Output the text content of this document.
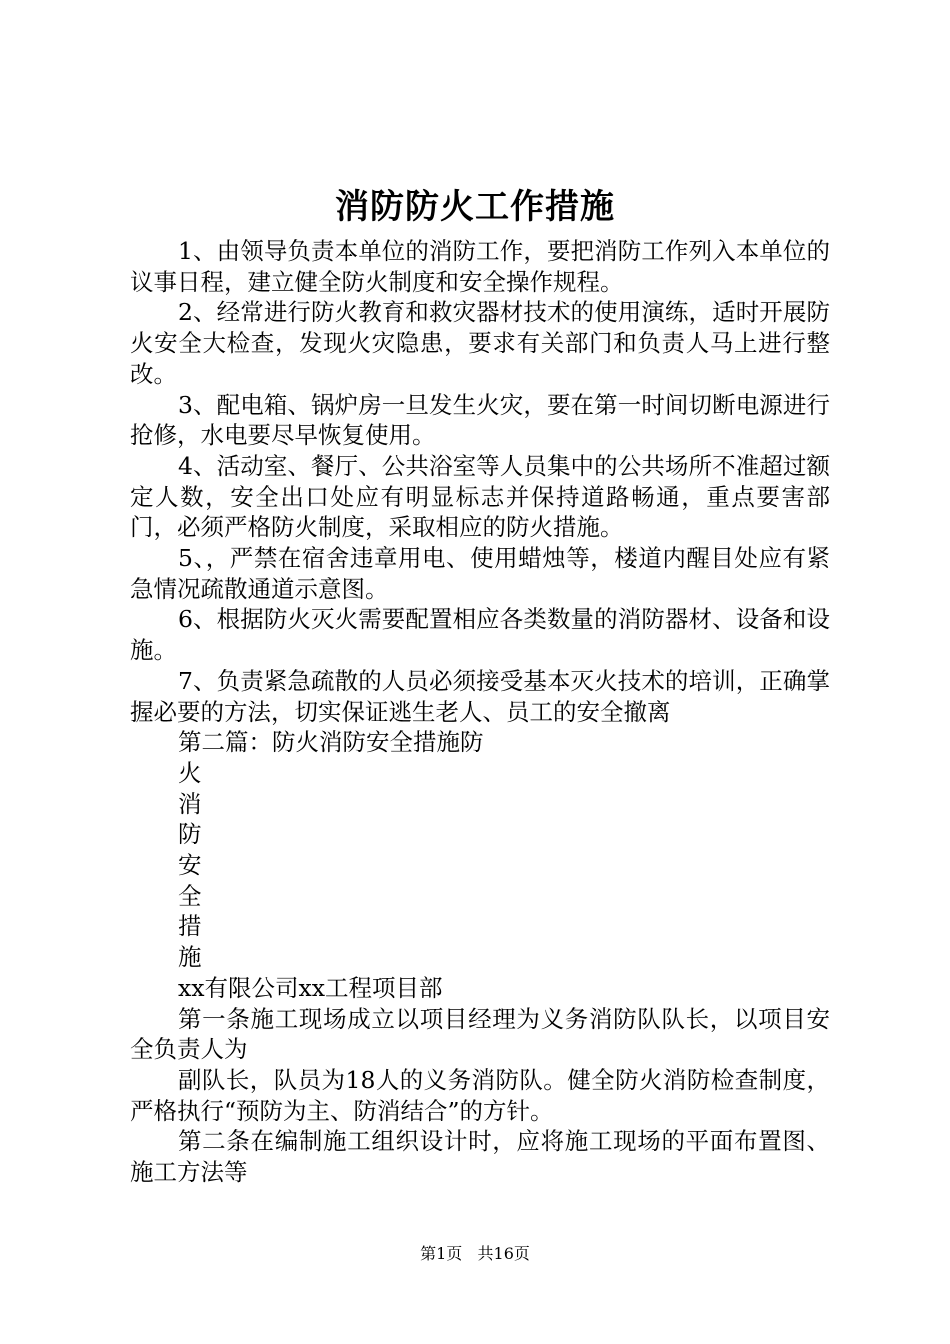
消防防火工作措施

1、由领导负责本单位的消防工作，要把消防工作列入本单位的议事日程，建立健全防火制度和安全操作规程。

2、经常进行防火教育和救灾器材技术的使用演练，适时开展防火安全大检查，发现火灾隐患，要求有关部门和负责人马上进行整改。

3、配电箱、锅炉房一旦发生火灾，要在第一时间切断电源进行抢修，水电要尽早恢复使用。

4、活动室、餐厅、公共浴室等人员集中的公共场所不准超过额定人数，安全出口处应有明显标志并保持道路畅通，重点要害部门，必须严格防火制度，采取相应的防火措施。

5、，严禁在宿舍违章用电、使用蜡烛等，楼道内醒目处应有紧急情况疏散通道示意图。

6、根据防火灭火需要配置相应各类数量的消防器材、设备和设施。

7、负责紧急疏散的人员必须接受基本灭火技术的培训，正确掌握必要的方法，切实保证逃生老人、员工的安全撤离

第二篇：防火消防安全措施防

火

消

防

安

全

措

施

xx有限公司xx工程项目部

第一条施工现场成立以项目经理为义务消防队队长，以项目安全负责人为

副队长，队员为18人的义务消防队。健全防火消防检查制度，严格执行“预防为主、防消结合”的方针。

第二条在编制施工组织设计时，应将施工现场的平面布置图、施工方法等

第1页 共16页
